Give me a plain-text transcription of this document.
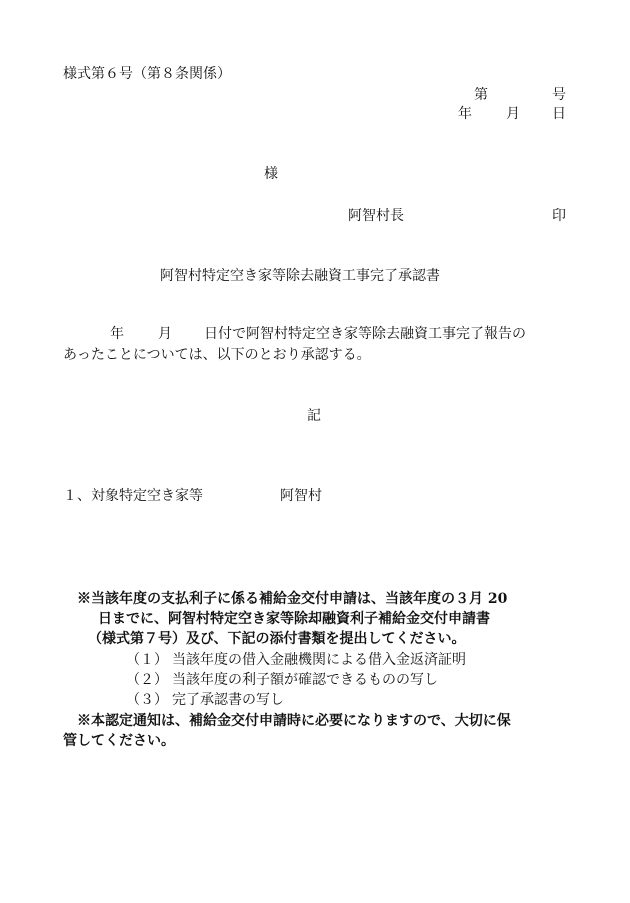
様式第６号（第８条関係）
第	号
年 月 日
様
阿智村長	印
阿智村特定空き家等除去融資工事完了承認書
年 月 日付で阿智村特定空き家等除去融資工事完了報告の
あったことについては、以下のとおり承認する。
記
１、対象特定空き家等	阿智村
※当該年度の支払利子に係る補給金交付申請は、当該年度の３月 20
日までに、阿智村特定空き家等除却融資利子補給金交付申請書
（様式第７号）及び、下記の添付書類を提出してください。
（１） 当該年度の借入金融機関による借入金返済証明
（２） 当該年度の利子額が確認できるものの写し
（３） 完了承認書の写し
※本認定通知は、補給金交付申請時に必要になりますので、大切に保
管してください。
